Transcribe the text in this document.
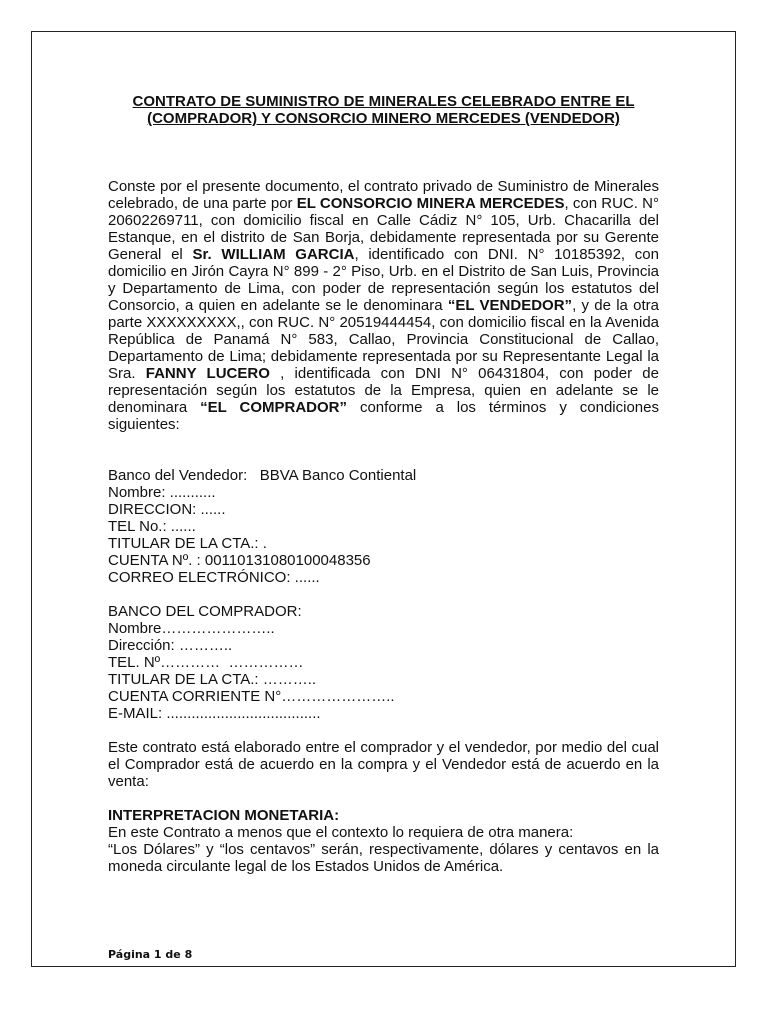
CONTRATO DE SUMINISTRO DE MINERALES CELEBRADO ENTRE EL
(COMPRADOR) Y CONSORCIO MINERO MERCEDES (VENDEDOR)

Conste por el presente documento, el contrato privado de Suministro de Minerales celebrado, de una parte por EL CONSORCIO MINERA MERCEDES, con RUC. N° 20602269711, con domicilio fiscal en Calle Cádiz N° 105, Urb. Chacarilla del Estanque, en el distrito de San Borja, debidamente representada por su Gerente General el Sr. WILLIAM GARCIA, identificado con DNI. N° 10185392, con domicilio en Jirón Cayra N° 899 - 2° Piso, Urb. en el Distrito de San Luis, Provincia y Departamento de Lima, con poder de representación según los estatutos del Consorcio, a quien en adelante se le denominara “EL VENDEDOR”, y de la otra parte XXXXXXXXX,, con RUC. N° 20519444454, con domicilio fiscal en la Avenida República de Panamá N° 583, Callao, Provincia Constitucional de Callao, Departamento de Lima; debidamente representada por su Representante Legal la Sra. FANNY LUCERO , identificada con DNI N° 06431804, con poder de representación según los estatutos de la Empresa, quien en adelante se le denominara “EL COMPRADOR” conforme a los términos y condiciones siguientes:

Banco del Vendedor:   BBVA Banco Contiental
Nombre: ...........
DIRECCION: ......
TEL No.: ......
TITULAR DE LA CTA.: .
CUENTA Nº. : 0011013108010004835​6
CORREO ELECTRÓNICO: ......
BANCO DEL COMPRADOR:
Nombre…………………..
Dirección: ………..
TEL. Nº…………  ……………
TITULAR DE LA CTA.: ………..
CUENTA CORRIENTE N°…………………..
E-MAIL: .....................................

Este contrato está elaborado entre el comprador y el vendedor, por medio del cual el Comprador está de acuerdo en la compra y el Vendedor está de acuerdo en la venta:

INTERPRETACION MONETARIA:

En este Contrato a menos que el contexto lo requiera de otra manera:

“Los Dólares” y “los centavos” serán, respectivamente, dólares y centavos en la moneda circulante legal de los Estados Unidos de América.

Página 1 de 8
